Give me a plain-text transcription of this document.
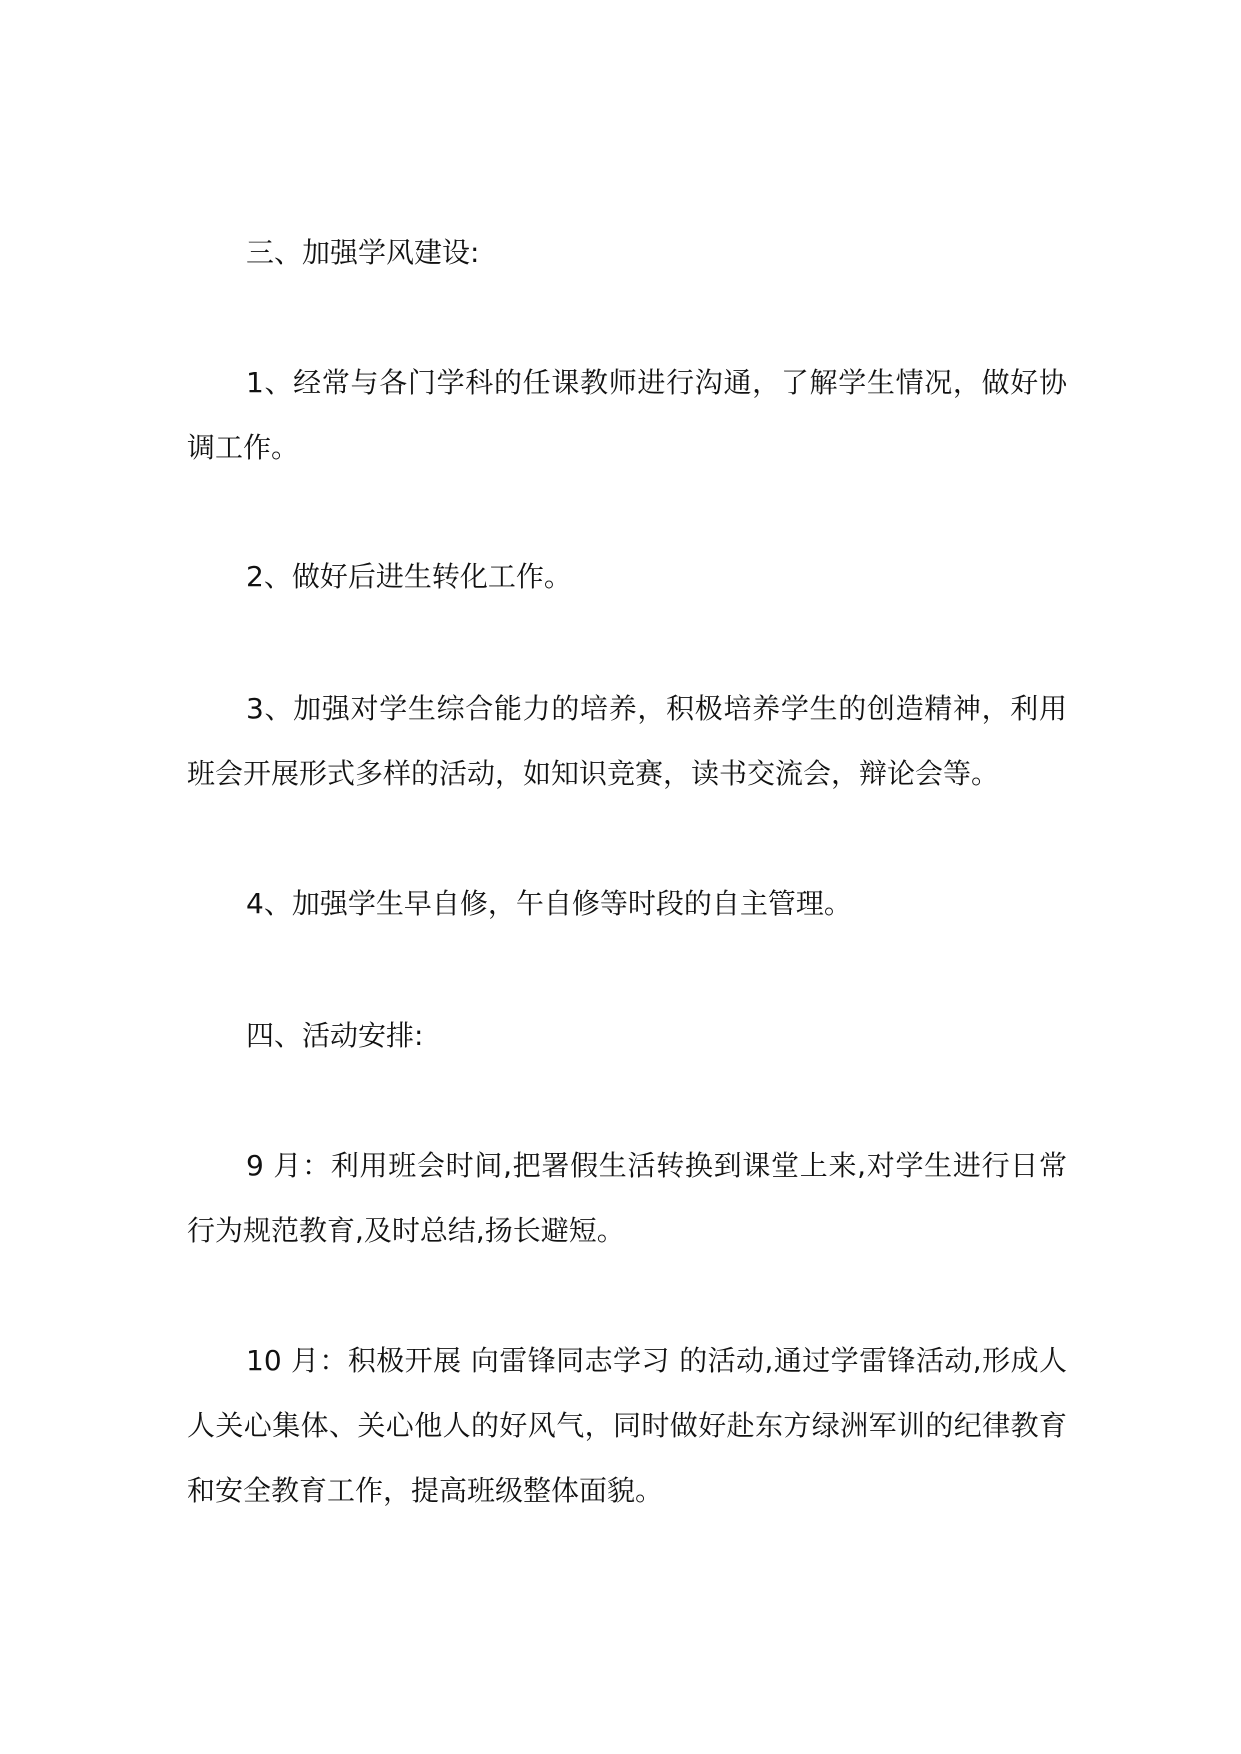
三、加强学风建设:

1、经常与各门学科的任课教师进行沟通，了解学生情况，做好协调工作。

2、做好后进生转化工作。

3、加强对学生综合能力的培养，积极培养学生的创造精神，利用班会开展形式多样的活动，如知识竞赛，读书交流会，辩论会等。

4、加强学生早自修，午自修等时段的自主管理。

四、活动安排:

9 月：利用班会时间,把署假生活转换到课堂上来,对学生进行日常行为规范教育,及时总结,扬长避短。

10 月：积极开展 向雷锋同志学习 的活动,通过学雷锋活动,形成人人关心集体、关心他人的好风气，同时做好赴东方绿洲军训的纪律教育和安全教育工作，提高班级整体面貌。
